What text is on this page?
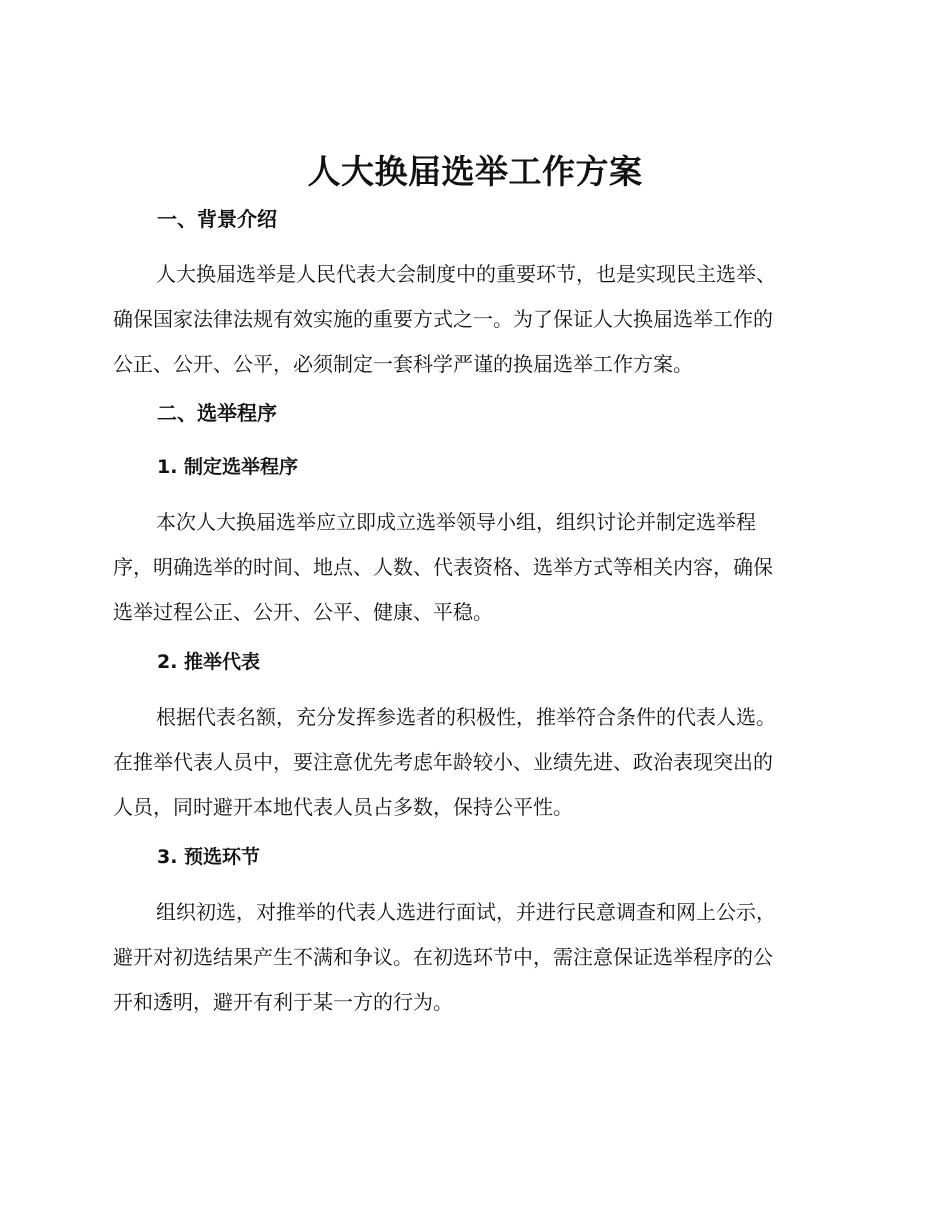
人大换届选举工作方案
一、背景介绍

人大换届选举是人民代表大会制度中的重要环节，也是实现民主选举、
确保国家法律法规有效实施的重要方式之一。为了保证人大换届选举工作的
公正、公开、公平，必须制定一套科学严谨的换届选举工作方案。

二、选举程序
1. 制定选举程序

本次人大换届选举应立即成立选举领导小组，组织讨论并制定选举程
序，明确选举的时间、地点、人数、代表资格、选举方式等相关内容，确保
选举过程公正、公开、公平、健康、平稳。

2. 推举代表

根据代表名额，充分发挥参选者的积极性，推举符合条件的代表人选。
在推举代表人员中，要注意优先考虑年龄较小、业绩先进、政治表现突出的
人员，同时避开本地代表人员占多数，保持公平性。

3. 预选环节

组织初选，对推举的代表人选进行面试，并进行民意调查和网上公示，
避开对初选结果产生不满和争议。在初选环节中，需注意保证选举程序的公
开和透明，避开有利于某一方的行为。
